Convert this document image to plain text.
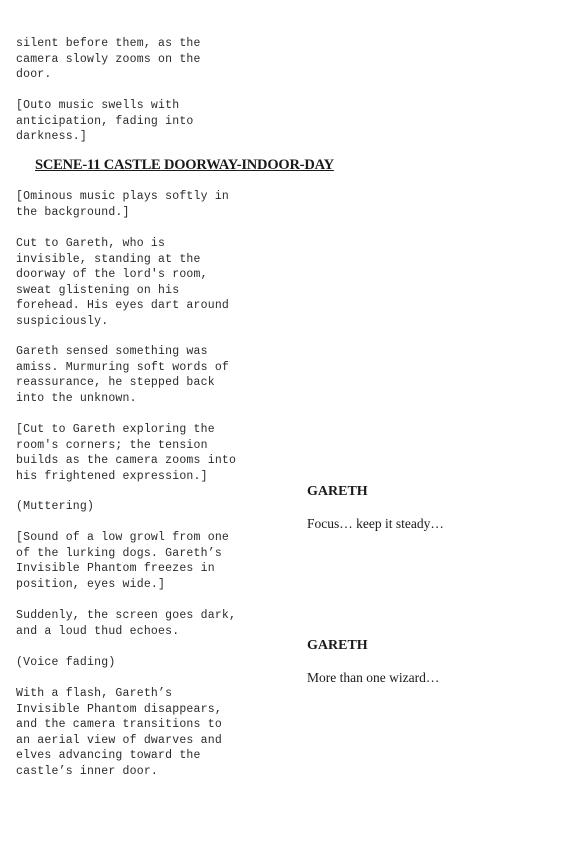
silent before them, as the
camera slowly zooms on the
door.

[Outo music swells with
anticipation, fading into
darkness.]

SCENE-11 CASTLE DOORWAY-INDOOR-DAY

[Ominous music plays softly in
the background.]

Cut to Gareth, who is
invisible, standing at the
doorway of the lord's room,
sweat glistening on his
forehead. His eyes dart around
suspiciously.

Gareth sensed something was
amiss. Murmuring soft words of
reassurance, he stepped back
into the unknown.

[Cut to Gareth exploring the
room's corners; the tension
builds as the camera zooms into
his frightened expression.]

(Muttering)

[Sound of a low growl from one
of the lurking dogs. Gareth’s
Invisible Phantom freezes in
position, eyes wide.]

Suddenly, the screen goes dark,
and a loud thud echoes.

(Voice fading)

With a flash, Gareth’s
Invisible Phantom disappears,
and the camera transitions to
an aerial view of dwarves and
elves advancing toward the
castle’s inner door.

GARETH

Focus… keep it steady…

GARETH

More than one wizard…
